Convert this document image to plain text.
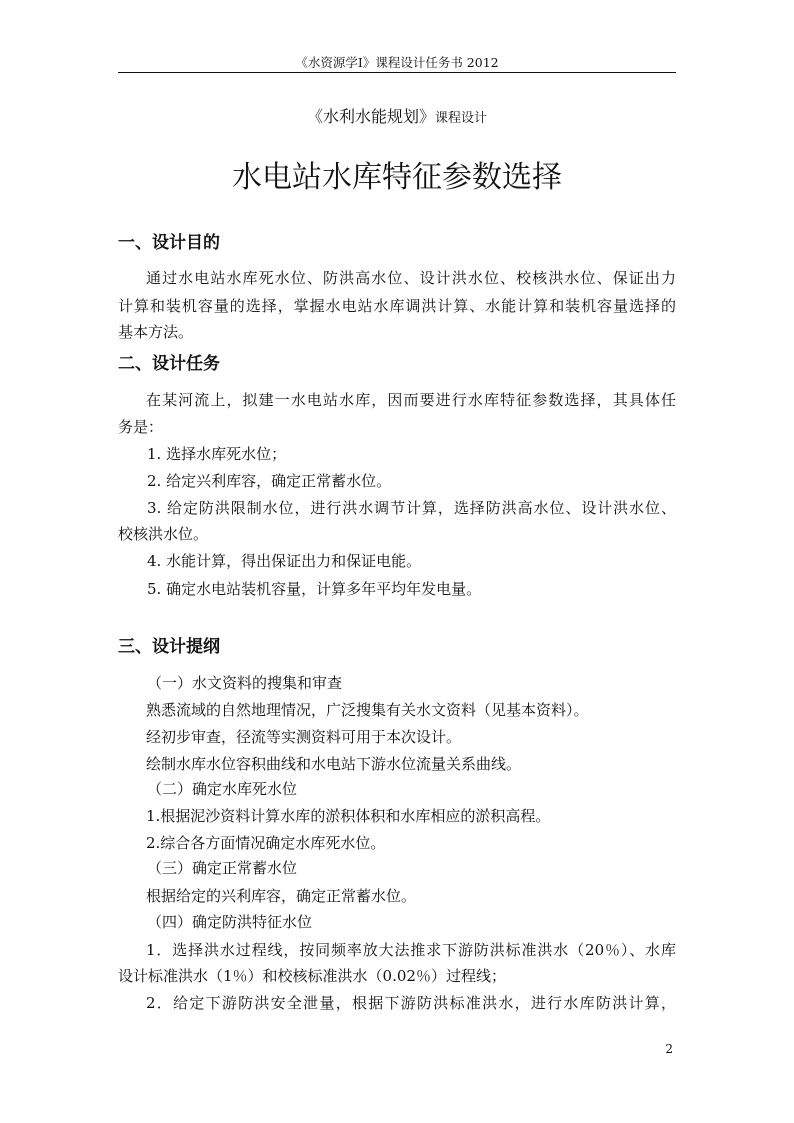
《水资源学Ⅰ》课程设计任务书 2012
《水利水能规划》课程设计
水电站水库特征参数选择
一、设计目的
通过水电站水库死水位、防洪高水位、设计洪水位、校核洪水位、保证出力
计算和装机容量的选择，掌握水电站水库调洪计算、水能计算和装机容量选择的
基本方法。
二、设计任务
在某河流上，拟建一水电站水库，因而要进行水库特征参数选择，其具体任
务是：
1. 选择水库死水位；
2. 给定兴利库容，确定正常蓄水位。
3. 给定防洪限制水位，进行洪水调节计算，选择防洪高水位、设计洪水位、
校核洪水位。
4. 水能计算，得出保证出力和保证电能。
5. 确定水电站装机容量，计算多年平均年发电量。
三、设计提纲
（一）水文资料的搜集和审查
熟悉流域的自然地理情况，广泛搜集有关水文资料（见基本资料）。
经初步审查，径流等实测资料可用于本次设计。
绘制水库水位容积曲线和水电站下游水位流量关系曲线。
（二）确定水库死水位
1.根据泥沙资料计算水库的淤积体积和水库相应的淤积高程。
2.综合各方面情况确定水库死水位。
（三）确定正常蓄水位
根据给定的兴利库容，确定正常蓄水位。
（四）确定防洪特征水位
1．选择洪水过程线，按同频率放大法推求下游防洪标准洪水（20％）、水库
设计标准洪水（1％）和校核标准洪水（0.02％）过程线；
2．给定下游防洪安全泄量，根据下游防洪标准洪水，进行水库防洪计算，
2
